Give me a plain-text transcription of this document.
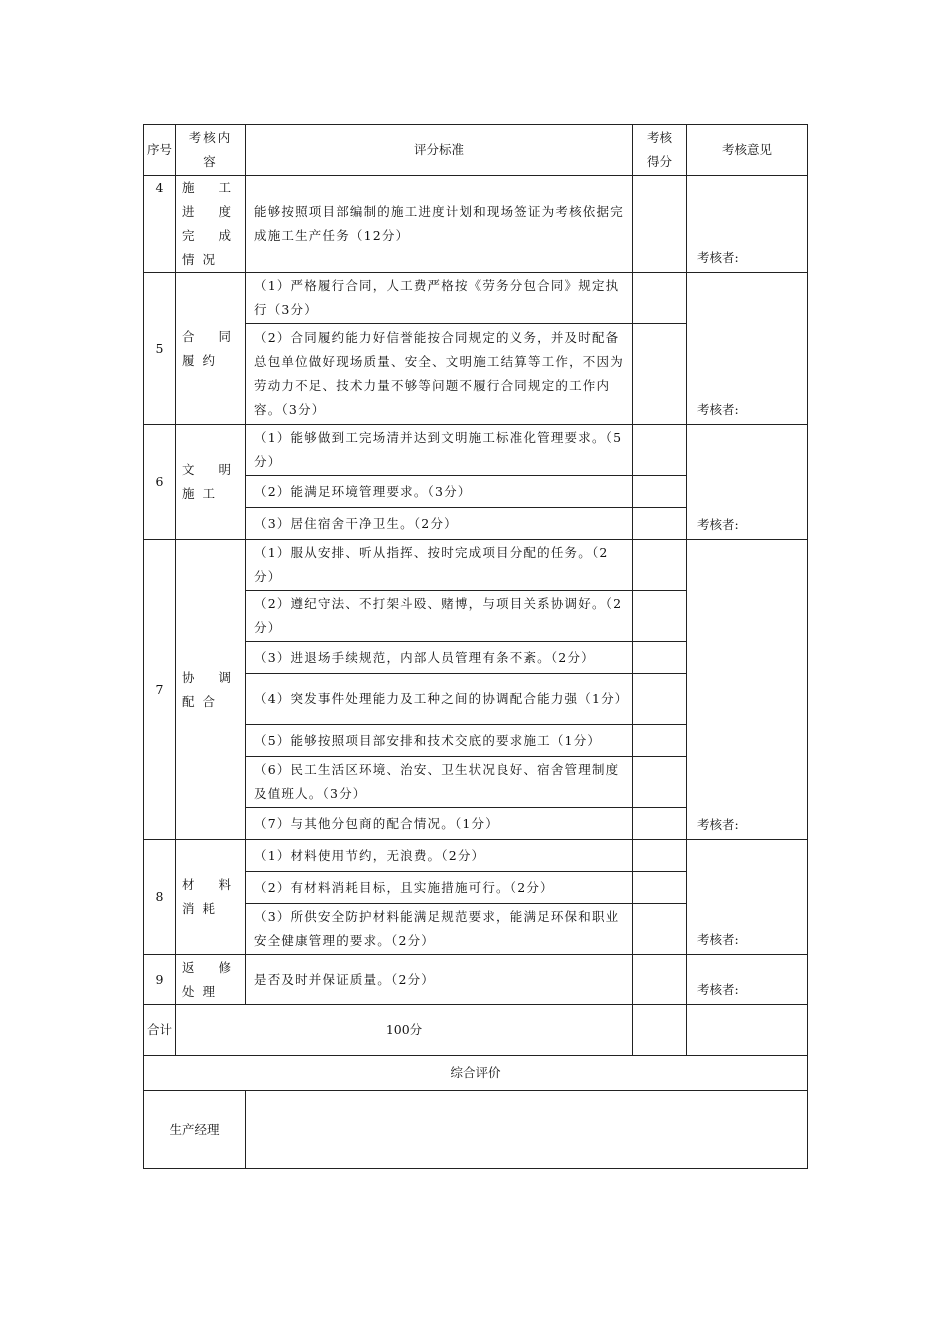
序号	考核内容	评分标准	考核得分	考核意见
4	施工进度完成情况	能够按照项目部编制的施工进度计划和现场签证为考核依据完成施工生产任务（12分）		考核者:
5	合同履约	（1）严格履行合同，人工费严格按《劳务分包合同》规定执行（3分）		考核者:
		（2）合同履约能力好信誉能按合同规定的义务，并及时配备总包单位做好现场质量、安全、文明施工结算等工作，不因为劳动力不足、技术力量不够等问题不履行合同规定的工作内容。（3分）		
6	文明施工	（1）能够做到工完场清并达到文明施工标准化管理要求。（5分）		考核者:
		（2）能满足环境管理要求。（3分）		
		（3）居住宿舍干净卫生。（2分）		
7	协调配合	（1）服从安排、听从指挥、按时完成项目分配的任务。（2分）		考核者:
		（2）遵纪守法、不打架斗殴、赌博，与项目关系协调好。（2分）		
		（3）进退场手续规范，内部人员管理有条不紊。（2分）		
		（4）突发事件处理能力及工种之间的协调配合能力强（1分）		
		（5）能够按照项目部安排和技术交底的要求施工（1分）		
		（6）民工生活区环境、治安、卫生状况良好、宿舍管理制度及值班人。（3分）		
		（7）与其他分包商的配合情况。（1分）		
8	材料消耗	（1）材料使用节约，无浪费。（2分）		考核者:
		（2）有材料消耗目标，且实施措施可行。（2分）		
		（3）所供安全防护材料能满足规范要求，能满足环保和职业安全健康管理的要求。（2分）		
9	返修处理	是否及时并保证质量。（2分）		考核者:
合计	100分			
综合评价				
生产经理				
